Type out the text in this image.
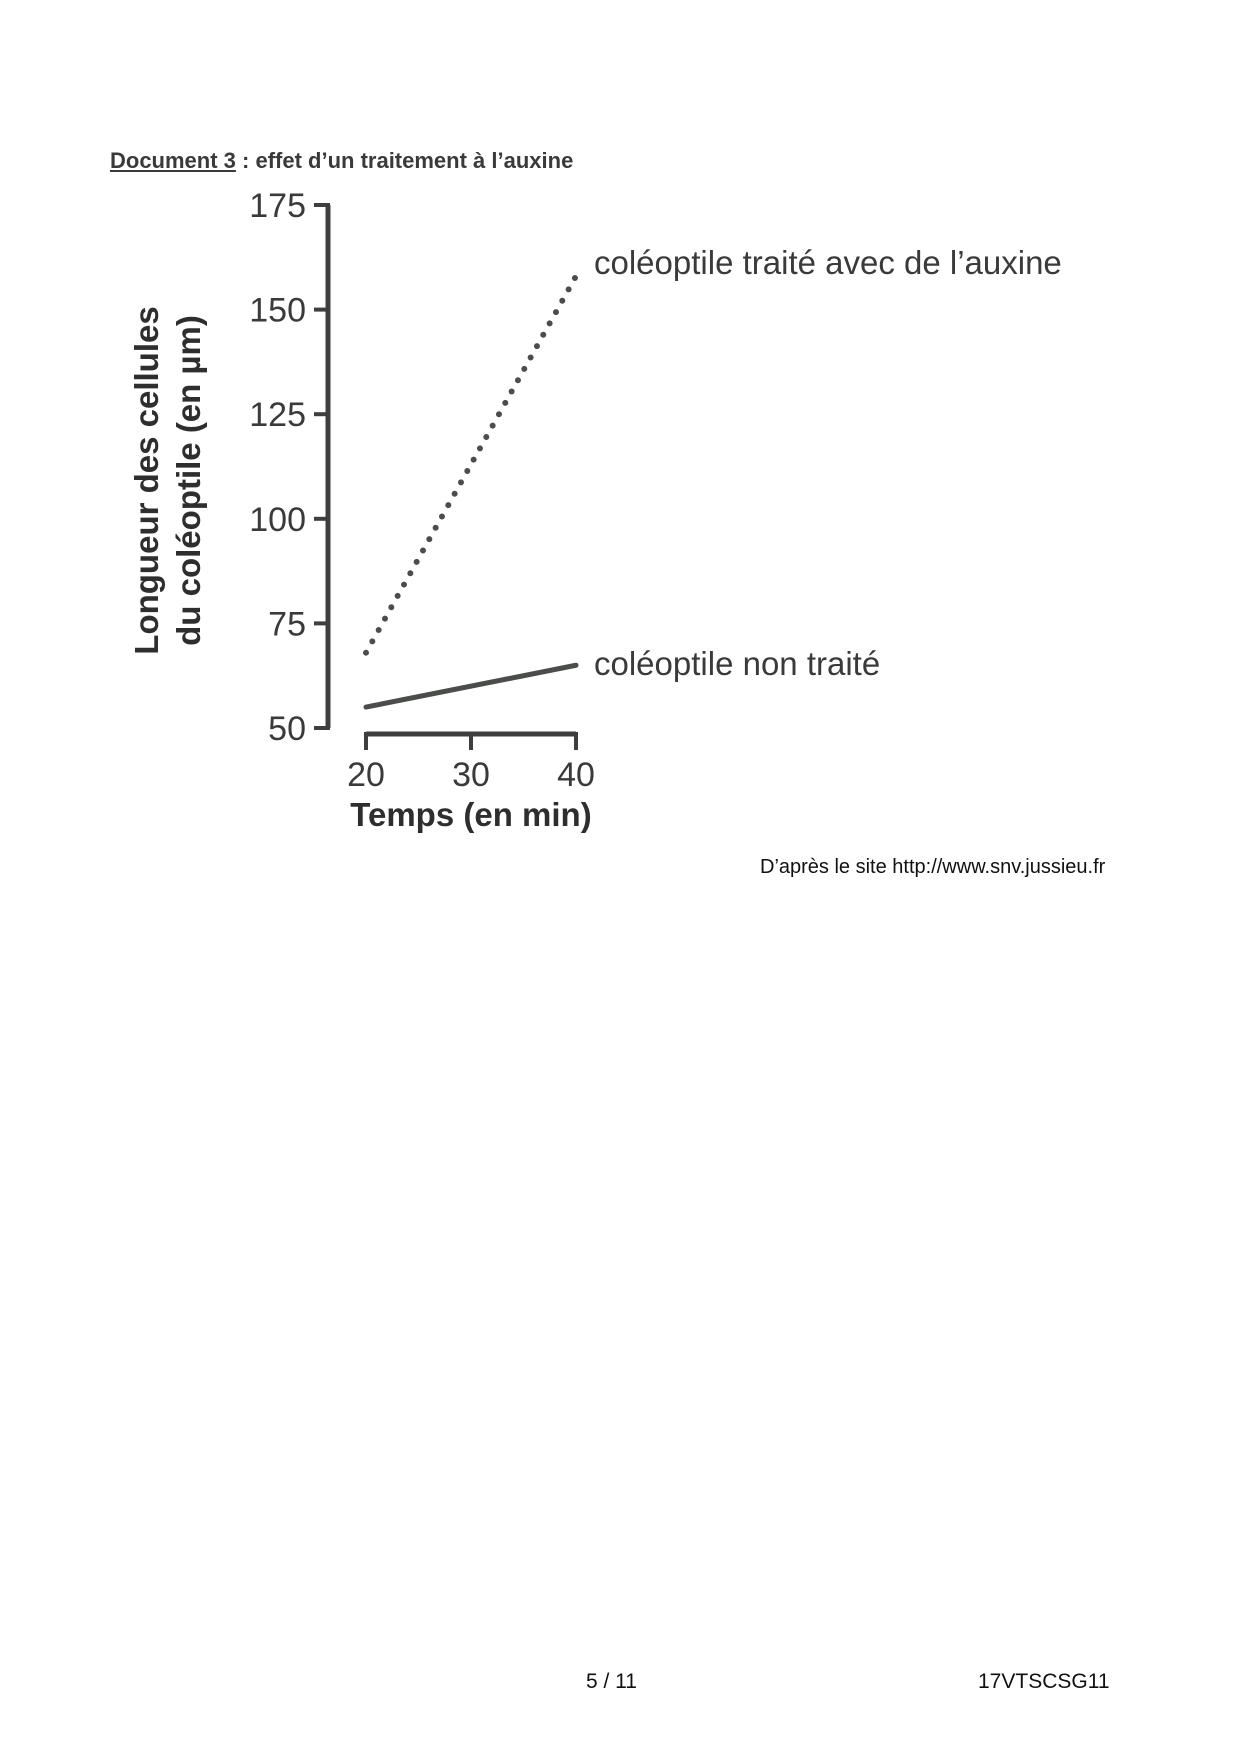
Document 3 : effet d’un traitement à l’auxine
50
75
100
125
150
175
20 30 40
Temps (en min)
Longueur des cellules du coléoptile (en µm)
coléoptile traité avec de l’auxine
coléoptile non traité
D’après le site http://www.snv.jussieu.fr
5 / 11	17VTSCSG11
